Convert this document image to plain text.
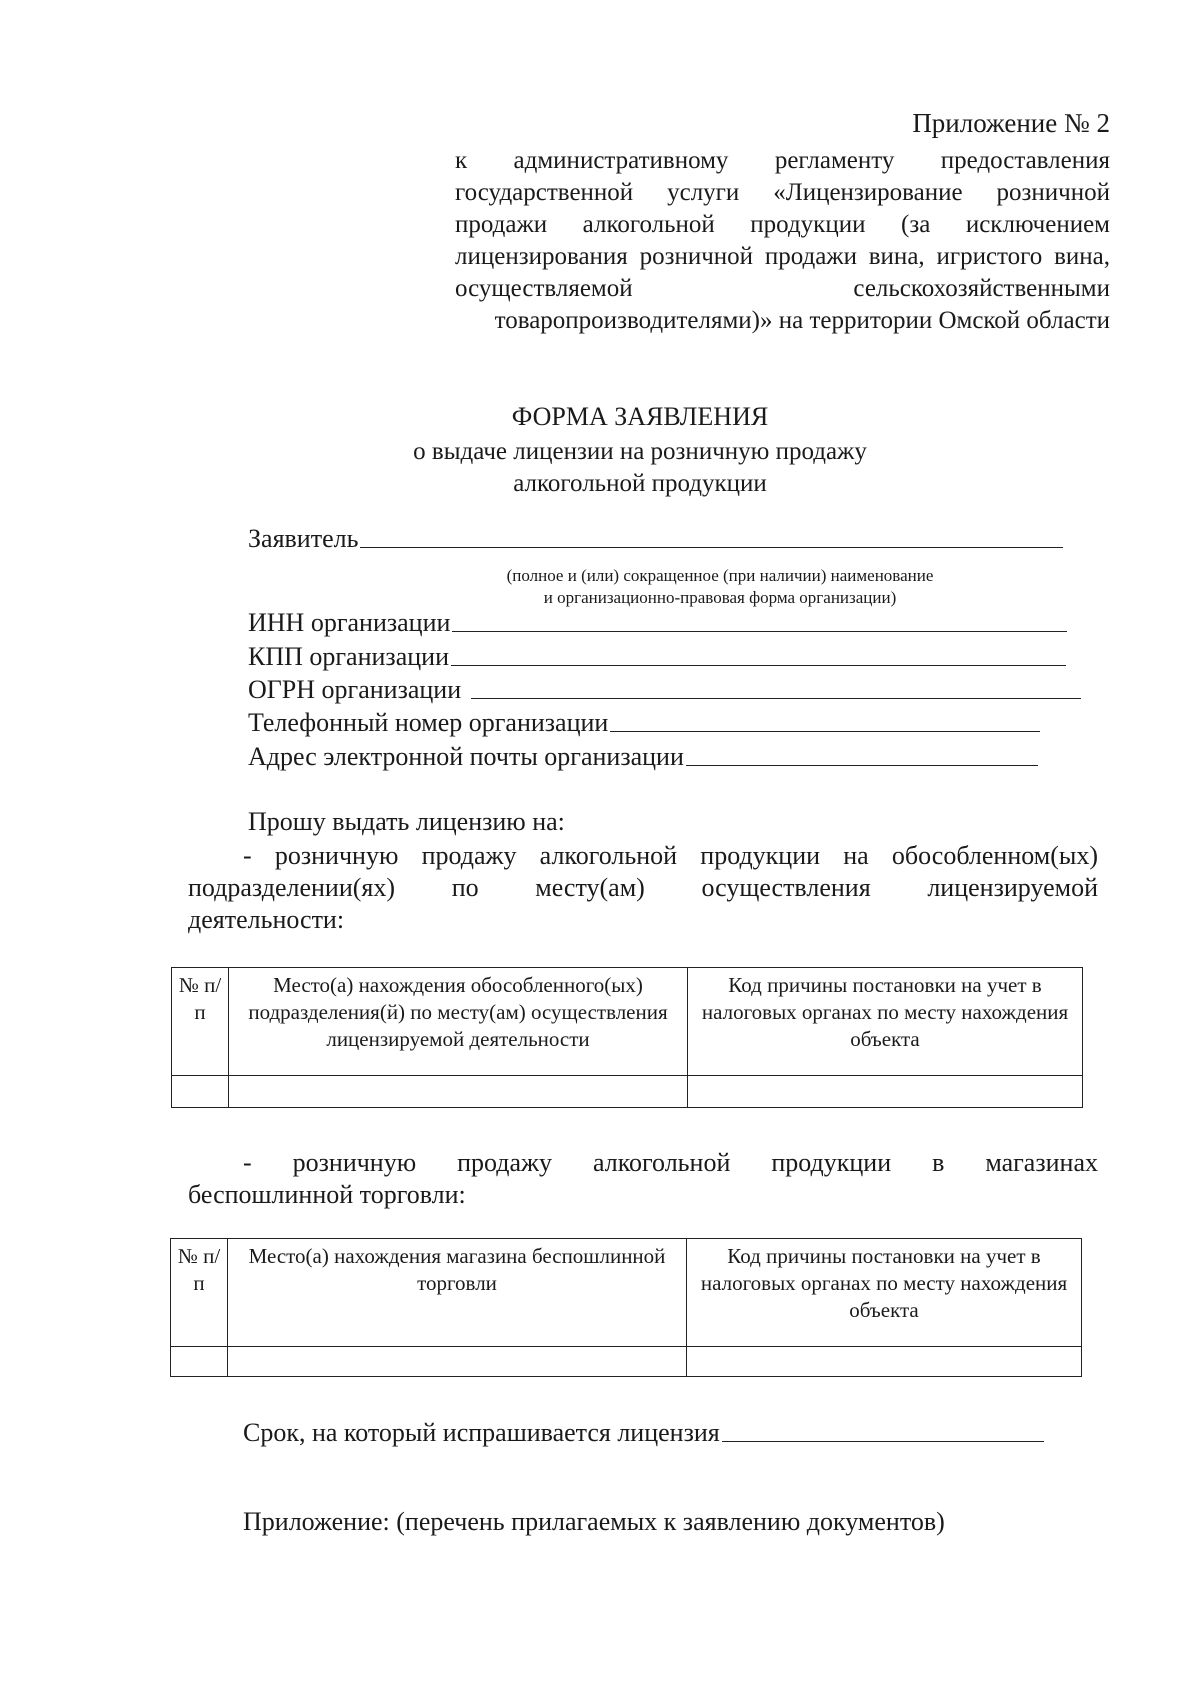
Приложение № 2
к административному регламенту предоставления государственной услуги «Лицензирование розничной продажи алкогольной продукции (за исключением лицензирования розничной продажи вина, игристого вина, осуществляемой сельскохозяйственными товаропроизводителями)» на территории Омской области
ФОРМА ЗАЯВЛЕНИЯ
о выдаче лицензии на розничную продажу
алкогольной продукции
Заявитель
(полное и (или) сокращенное (при наличии) наименование
и организационно-правовая форма организации)
ИНН организации
КПП организации
ОГРН организации
Телефонный номер организации
Адрес электронной почты организации
Прошу выдать лицензию на:
- розничную продажу алкогольной продукции на обособленном(ых)
подразделении(ях) по месту(ам) осуществления лицензируемой
деятельности:
№ п/п	Место(а) нахождения обособленного(ых) подразделения(й) по месту(ам) осуществления лицензируемой деятельности	Код причины постановки на учет в налоговых органах по месту нахождения объекта

- розничную продажу алкогольной продукции в магазинах
беспошлинной торговли:
№ п/п	Место(а) нахождения магазина беспошлинной торговли	Код причины постановки на учет в налоговых органах по месту нахождения объекта

Срок, на который испрашивается лицензия
Приложение: (перечень прилагаемых к заявлению документов)
